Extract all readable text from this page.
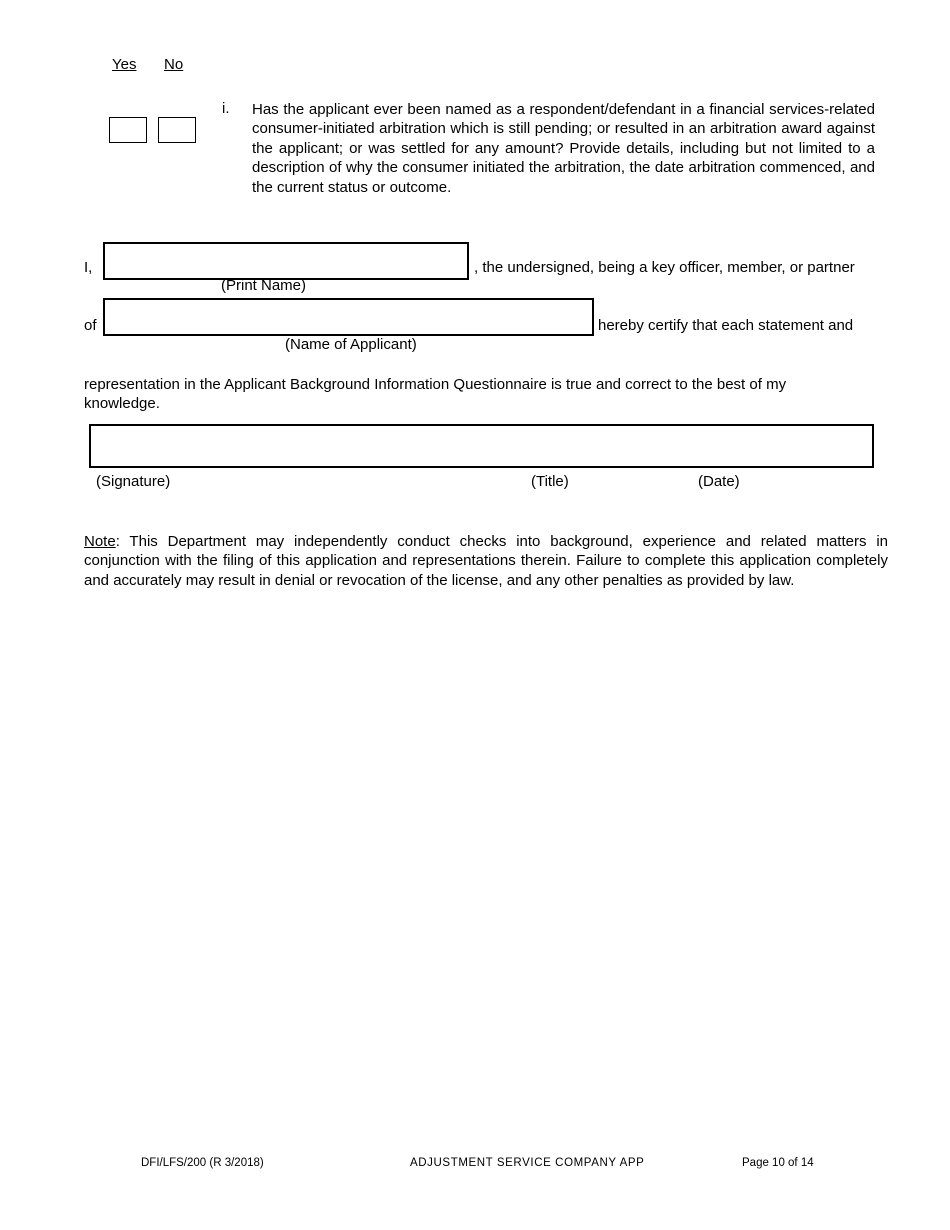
Yes No
i. Has the applicant ever been named as a respondent/defendant in a financial services-related consumer-initiated arbitration which is still pending; or resulted in an arbitration award against the applicant; or was settled for any amount? Provide details, including but not limited to a description of why the consumer initiated the arbitration, the date arbitration commenced, and the current status or outcome.
I,	, the undersigned, being a key officer, member, or partner
(Print Name)
of	hereby certify that each statement and
(Name of Applicant)
representation in the Applicant Background Information Questionnaire is true and correct to the best of my knowledge.
(Signature)	(Title)	(Date)
Note: This Department may independently conduct checks into background, experience and related matters in conjunction with the filing of this application and representations therein. Failure to complete this application completely and accurately may result in denial or revocation of the license, and any other penalties as provided by law.
DFI/LFS/200 (R 3/2018)	ADJUSTMENT SERVICE COMPANY APP	Page 10 of 14
